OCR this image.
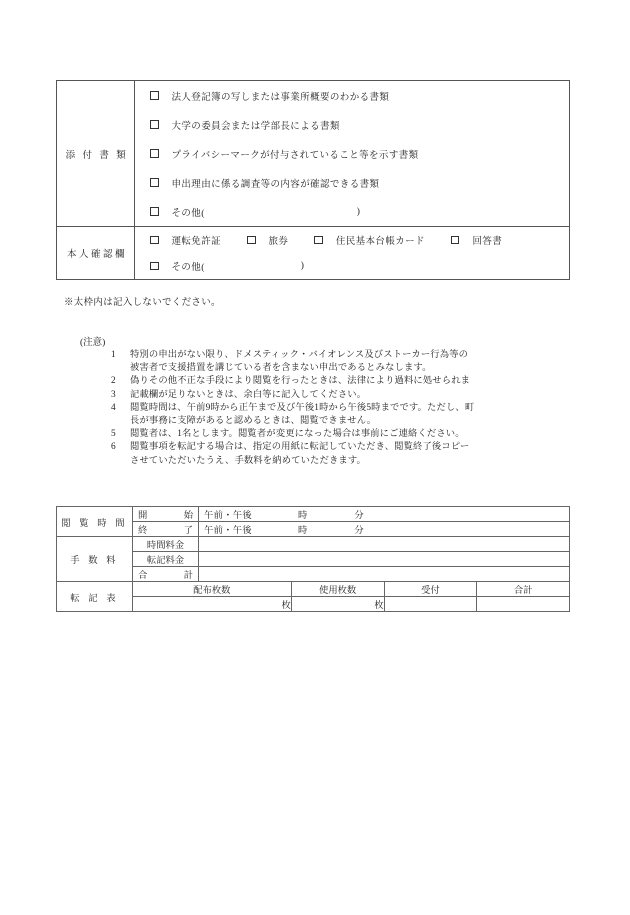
添 付 書 類	
法人登記簿の写しまたは事業所概要のわかる書類
大学の委員会または学部長による書類
プライバシーマークが付与されていること等を示す書類
申出理由に係る調査等の内容が確認できる書類
その他(	)

本人確認欄	
運転免許証	旅券	住民基本台帳カード	回答書
その他(	)
※太枠内は記入しないでください。
(注意)
1	特別の申出がない限り、ドメスティック・バイオレンス及びストーカー行為等の
被害者で支援措置を講じている者を含まない申出であるとみなします。
2	偽りその他不正な手段により閲覧を行ったときは、法律により過料に処せられま
3	記載欄が足りないときは、余白等に記入してください。
4	閲覧時間は、午前9時から正午まで及び午後1時から午後5時までです。ただし、町
長が事務に支障があると認めるときは、閲覧できません。
5	閲覧者は、1名とします。閲覧者が変更になった場合は事前にご連絡ください。
6	閲覧事項を転記する場合は、指定の用紙に転記していただき、閲覧終了後コピー
させていただいたうえ、手数料を納めていただきます。
閲 覧 時 間	開 始	午前・午後 時 分			

	終 了	午前・午後 時 分			

手 数 料	時間料金				
	転記料金				

	合 計				

転 記 表	配布枚数		使用枚数	受付	合計
	枚		枚		
